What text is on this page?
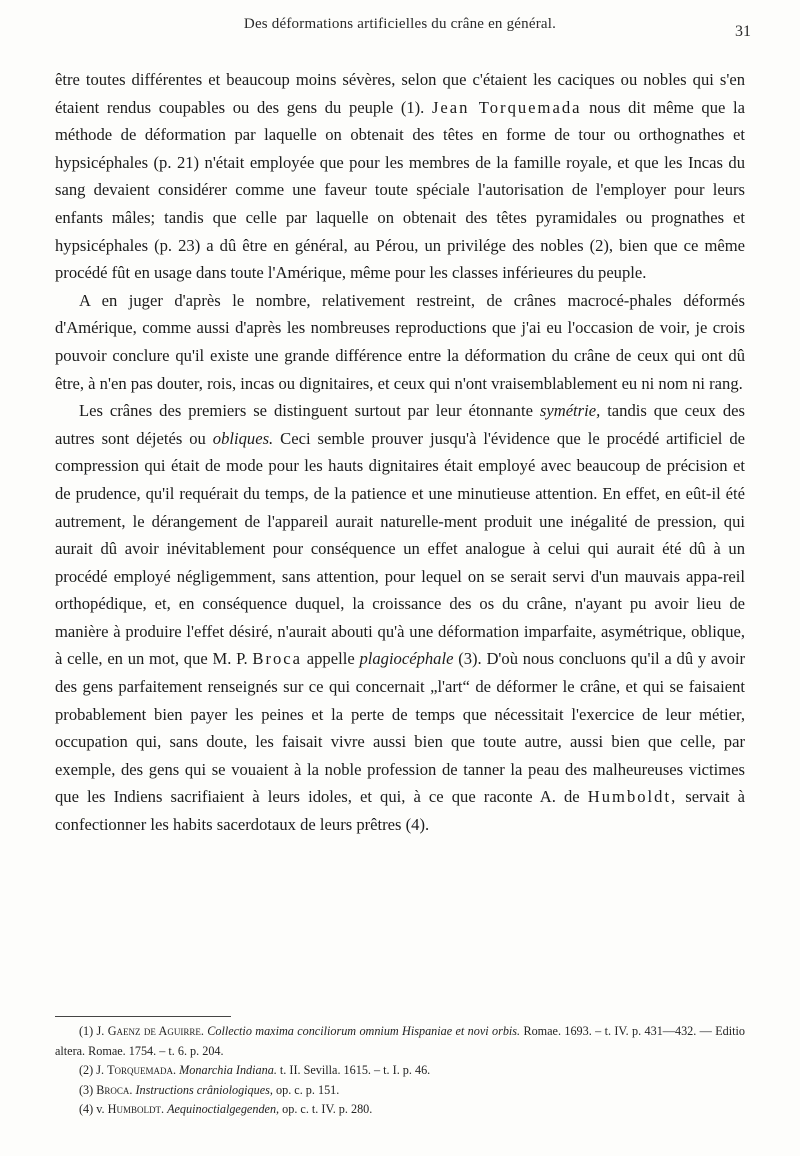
Des déformations artificielles du crâne en général.	31

être toutes différentes et beaucoup moins sévères, selon que c'étaient les caciques ou nobles qui s'en étaient rendus coupables ou des gens du peuple (1). Jean Torquemada nous dit même que la méthode de déformation par laquelle on obtenait des têtes en forme de tour ou orthognathes et hypsicéphales (p. 21) n'était employée que pour les membres de la famille royale, et que les Incas du sang devaient considérer comme une faveur toute spéciale l'autorisation de l'employer pour leurs enfants mâles; tandis que celle par laquelle on obtenait des têtes pyramidales ou prognathes et hypsicéphales (p. 23) a dû être en général, au Pérou, un privilége des nobles (2), bien que ce même procédé fût en usage dans toute l'Amérique, même pour les classes inférieures du peuple.

A en juger d'après le nombre, relativement restreint, de crânes macrocé-phales déformés d'Amérique, comme aussi d'après les nombreuses reproductions que j'ai eu l'occasion de voir, je crois pouvoir conclure qu'il existe une grande différence entre la déformation du crâne de ceux qui ont dû être, à n'en pas douter, rois, incas ou dignitaires, et ceux qui n'ont vraisemblablement eu ni nom ni rang.

Les crânes des premiers se distinguent surtout par leur étonnante symétrie, tandis que ceux des autres sont déjetés ou obliques. Ceci semble prouver jusqu'à l'évidence que le procédé artificiel de compression qui était de mode pour les hauts dignitaires était employé avec beaucoup de précision et de prudence, qu'il requérait du temps, de la patience et une minutieuse attention. En effet, en eût-il été autrement, le dérangement de l'appareil aurait naturelle-ment produit une inégalité de pression, qui aurait dû avoir inévitablement pour conséquence un effet analogue à celui qui aurait été dû à un procédé employé négligemment, sans attention, pour lequel on se serait servi d'un mauvais appa-reil orthopédique, et, en conséquence duquel, la croissance des os du crâne, n'ayant pu avoir lieu de manière à produire l'effet désiré, n'aurait abouti qu'à une déformation imparfaite, asymétrique, oblique, à celle, en un mot, que M. P. Broca appelle plagiocéphale (3). D'où nous concluons qu'il a dû y avoir des gens parfaitement renseignés sur ce qui concernait „l'art“ de déformer le crâne, et qui se faisaient probablement bien payer les peines et la perte de temps que nécessitait l'exercice de leur métier, occupation qui, sans doute, les faisait vivre aussi bien que toute autre, aussi bien que celle, par exemple, des gens qui se vouaient à la noble profession de tanner la peau des malheureuses victimes que les Indiens sacrifiaient à leurs idoles, et qui, à ce que raconte A. de Humboldt, servait à confectionner les habits sacerdotaux de leurs prêtres (4).

(1) J. Gaenz de Aguirre. Collectio maxima conciliorum omnium Hispaniae et novi orbis. Romae. 1693. – t. IV. p. 431—432. — Editio altera. Romae. 1754. – t. 6. p. 204.

(2) J. Torquemada. Monarchia Indiana. t. II. Sevilla. 1615. – t. I. p. 46.

(3) Broca. Instructions crâniologiques, op. c. p. 151.

(4) v. Humboldt. Aequinoctialgegenden, op. c. t. IV. p. 280.
